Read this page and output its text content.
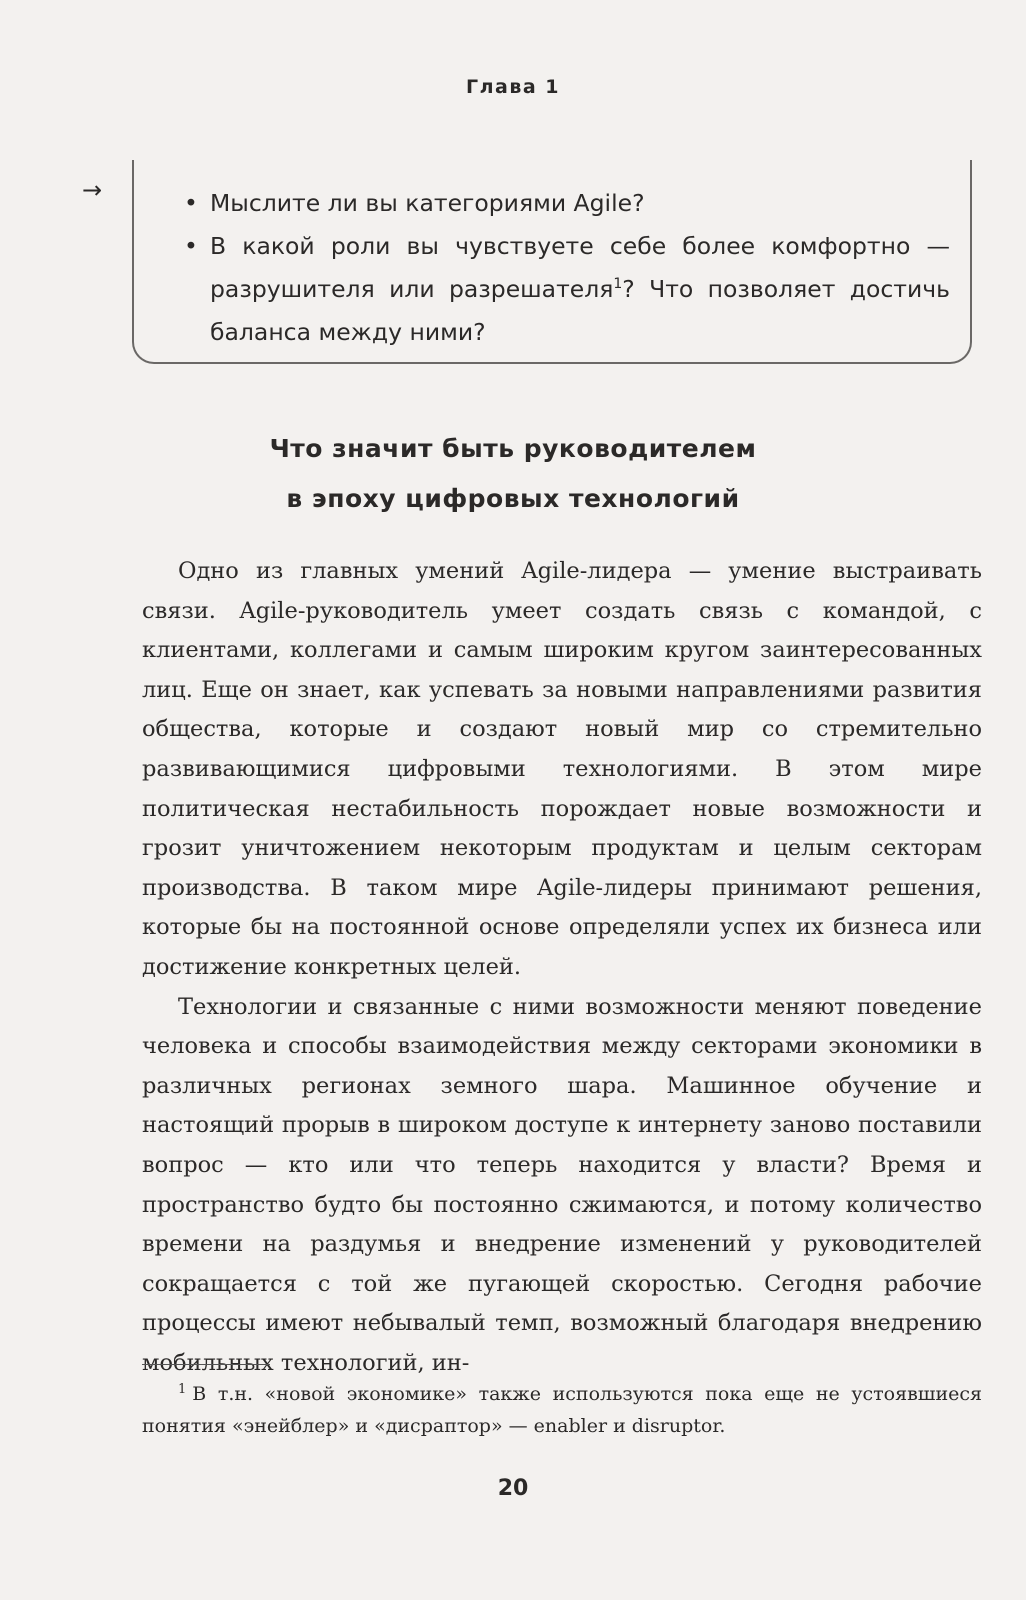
Глава 1
→
•	Мыслите ли вы категориями Agile?
• В какой роли вы чувствуете себе более комфортно — разрушителя или разрешателя$^1$? Что позволяет достичь баланса между ними?
Что значит быть руководителем
в эпоху цифровых технологий

Одно из главных умений Agile-лидера — умение выстраивать связи. Agile-руководитель умеет создать связь с командой, с клиентами, коллегами и самым широким кругом заинтересованных лиц. Еще он знает, как успевать за новыми направлениями развития общества, которые и создают новый мир со стремительно развивающимися цифровыми технологиями. В этом мире политическая нестабильность порождает новые возможности и грозит уничтожением некоторым продуктам и целым секторам производства. В таком мире Agile-лидеры принимают решения, которые бы на постоянной основе определяли успех их бизнеса или достижение конкретных целей.

Технологии и связанные с ними возможности меняют поведение человека и способы взаимодействия между секторами экономики в различных регионах земного шара. Машинное обучение и настоящий прорыв в широком доступе к интернету заново поставили вопрос — кто или что теперь находится у власти? Время и пространство будто бы постоянно сжимаются, и потому количество времени на раздумья и внедрение изменений у руководителей сокращается с той же пугающей скоростью. Сегодня рабочие процессы имеют небывалый темп, возможный благодаря внедрению мобильных технологий, ин-

$^1$ В т.н. «новой экономике» также используются пока еще не устоявшиеся понятия «энейблер» и «дисраптор» — enabler и disruptor.

20
